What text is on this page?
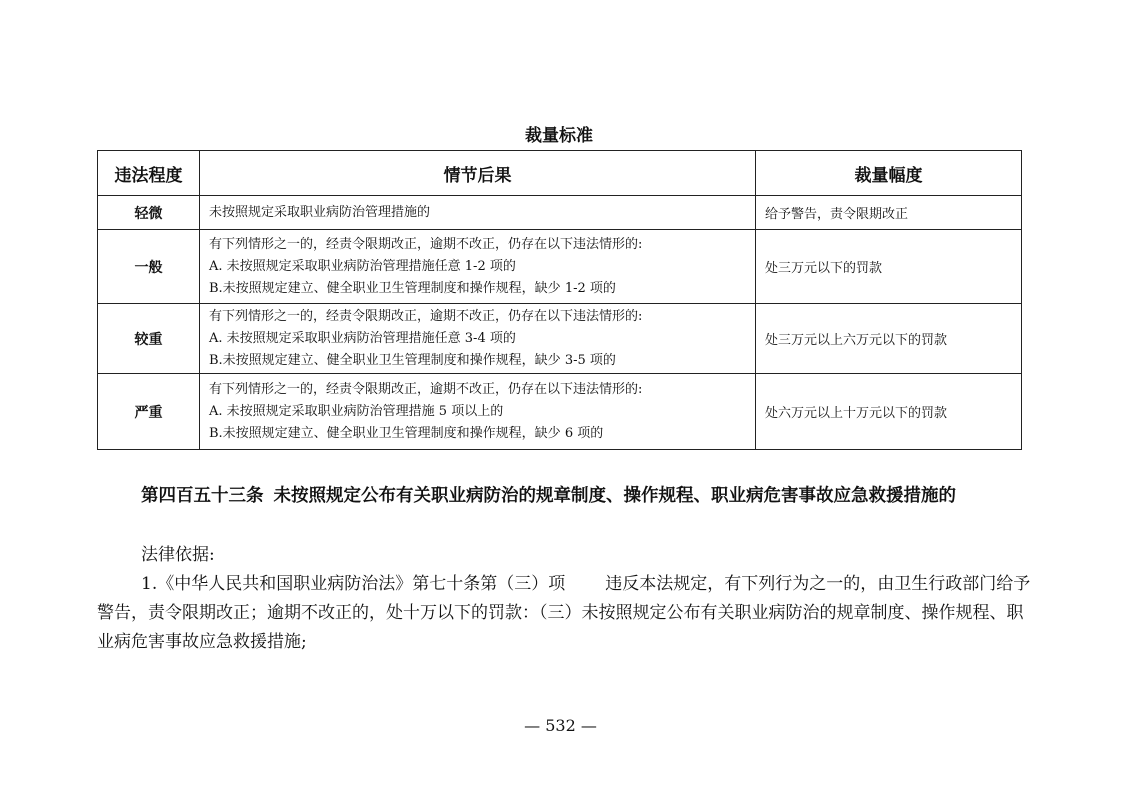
裁量标准
违法程度	情节后果	裁量幅度
轻微	未按照规定采取职业病防治管理措施的	给予警告，责令限期改正
一般	有下列情形之一的，经责令限期改正，逾期不改正，仍存在以下违法情形的:
A. 未按照规定采取职业病防治管理措施任意 1-2 项的
B.未按照规定建立、健全职业卫生管理制度和操作规程，缺少 1-2 项的	处三万元以下的罚款
较重	有下列情形之一的，经责令限期改正，逾期不改正，仍存在以下违法情形的:
A. 未按照规定采取职业病防治管理措施任意 3-4 项的
B.未按照规定建立、健全职业卫生管理制度和操作规程，缺少 3-5 项的	处三万元以上六万元以下的罚款
严重	有下列情形之一的，经责令限期改正，逾期不改正，仍存在以下违法情形的:
A. 未按照规定采取职业病防治管理措施 5 项以上的
B.未按照规定建立、健全职业卫生管理制度和操作规程，缺少 6 项的	处六万元以上十万元以下的罚款
第四百五十三条 未按照规定公布有关职业病防治的规章制度、操作规程、职业病危害事故应急救援措施的
法律依据:
1.《中华人民共和国职业病防治法》第七十条第（三）项 违反本法规定，有下列行为之一的，由卫生行政部门给予警告，责令限期改正；逾期不改正的，处十万以下的罚款：（三）未按照规定公布有关职业病防治的规章制度、操作规程、职业病危害事故应急救援措施;
— 532 —
